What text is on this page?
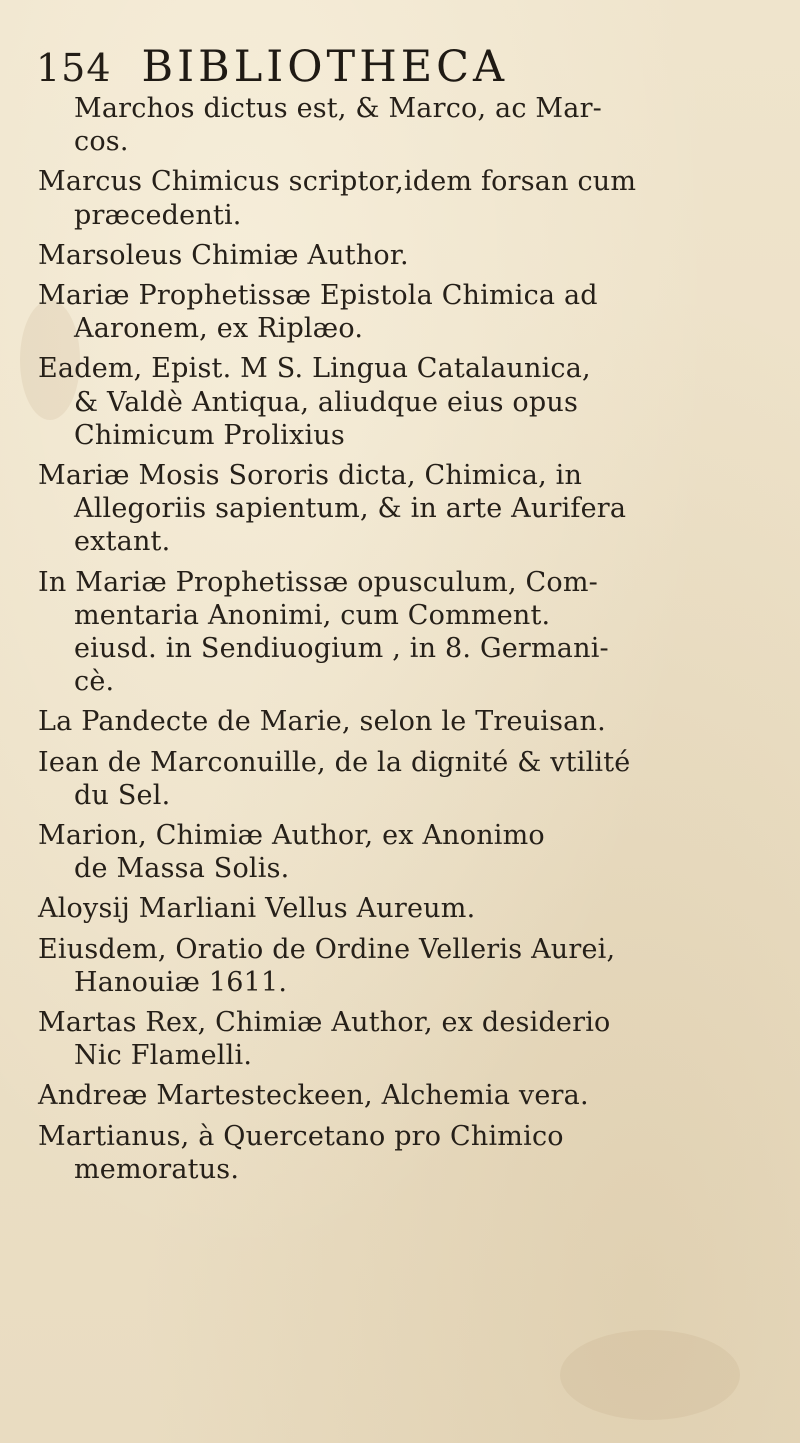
154 BIBLIOTHECA
Marchos dictus est, & Marco, ac Mar-
cos.
Marcus Chimicus scriptor,idem forsan cum
præcedenti.
Marsoleus Chimiæ Author.
Mariæ Prophetissæ Epistola Chimica ad
Aaronem, ex Riplæo.
Eadem, Epist. M S. Lingua Catalaunica,
& Valdè Antiqua, aliudque eius opus
Chimicum Prolixius
Mariæ Mosis Sororis dicta, Chimica, in
Allegoriis sapientum, & in arte Aurifera
extant.
In Mariæ Prophetissæ opusculum, Com-
mentaria Anonimi, cum Comment.
eiusd. in Sendiuogium , in 8. Germani-
cè.
La Pandecte de Marie, selon le Treuisan.
Iean de Marconuille, de la dignité & vtilité
du Sel.
Marion, Chimiæ Author, ex Anonimo
de Massa Solis.
Aloysij Marliani Vellus Aureum.
Eiusdem, Oratio de Ordine Velleris Aurei,
Hanouiæ 1611.
Martas Rex, Chimiæ Author, ex desiderio
Nic Flamelli.
Andreæ Martesteckeen, Alchemia vera.
Martianus, à Quercetano pro Chimico
memoratus.
